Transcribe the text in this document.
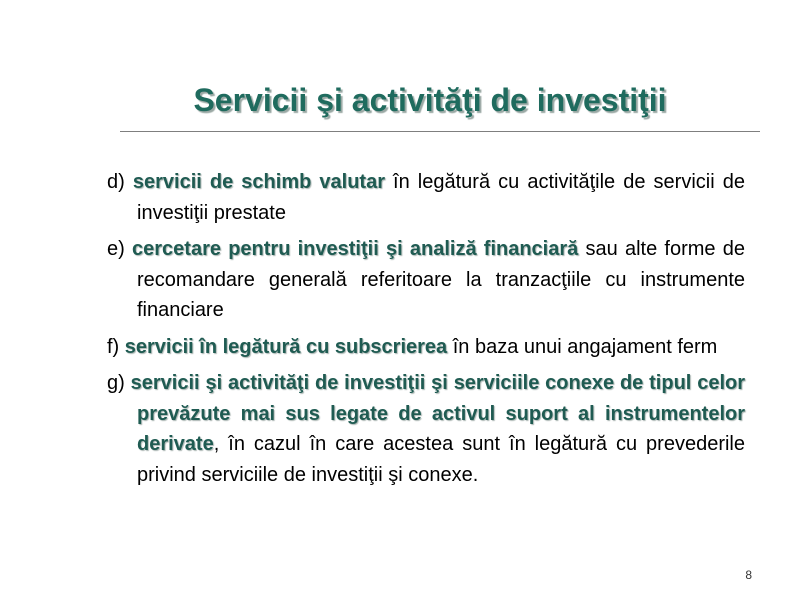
Servicii şi activităţi de investiţii
d) servicii de schimb valutar în legătură cu activităţile de servicii de investiţii prestate
e) cercetare pentru investiţii şi analiză financiară sau alte forme de recomandare generală referitoare la tranzacţiile cu instrumente financiare
f) servicii în legătură cu subscrierea în baza unui angajament ferm
g) servicii şi activităţi de investiţii şi serviciile conexe de tipul celor prevăzute mai sus legate de activul suport al instrumentelor derivate, în cazul în care acestea sunt în legătură cu prevederile privind serviciile de investiţii şi conexe.
8
